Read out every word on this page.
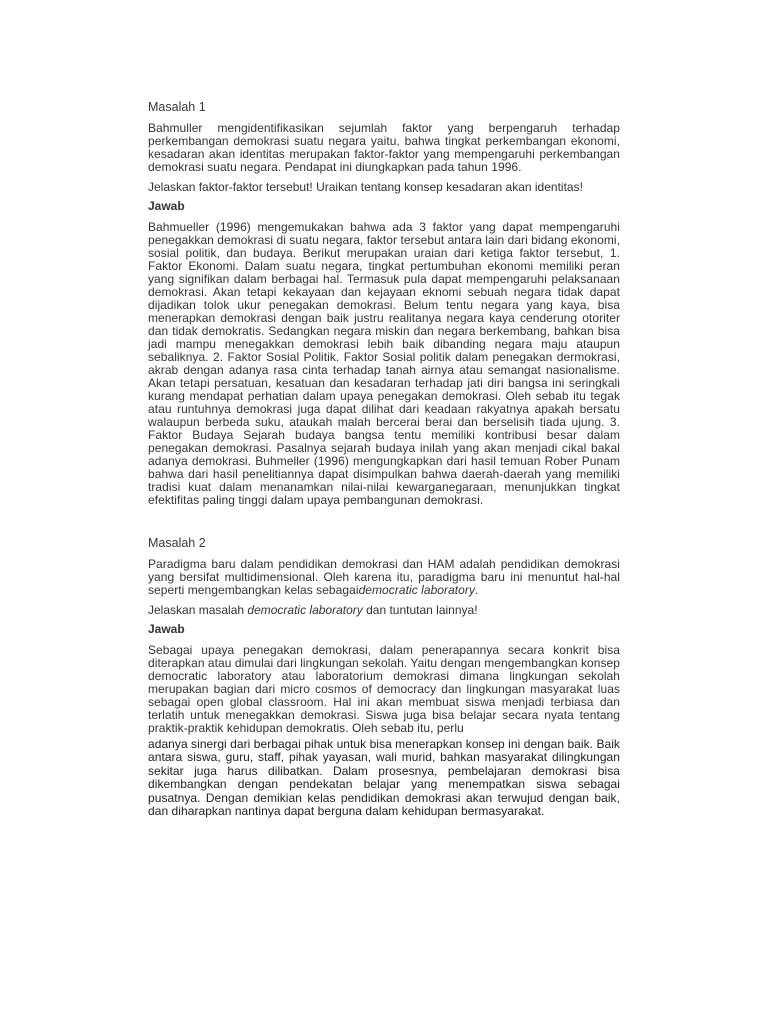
Masalah 1

Bahmuller mengidentifikasikan sejumlah faktor yang berpengaruh terhadap perkembangan demokrasi suatu negara yaitu, bahwa tingkat perkembangan ekonomi, kesadaran akan identitas merupakan faktor-faktor yang mempengaruhi perkembangan demokrasi suatu negara. Pendapat ini diungkapkan pada tahun 1996.

Jelaskan faktor-faktor tersebut! Uraikan tentang konsep kesadaran akan identitas!

Jawab

Bahmueller (1996) mengemukakan bahwa ada 3 faktor yang dapat mempengaruhi penegakkan demokrasi di suatu negara, faktor tersebut antara lain dari bidang ekonomi, sosial politik, dan budaya. Berikut merupakan uraian dari ketiga faktor tersebut, 1. Faktor Ekonomi. Dalam suatu negara, tingkat pertumbuhan ekonomi memiliki peran yang signifikan dalam berbagai hal. Termasuk pula dapat mempengaruhi pelaksanaan demokrasi. Akan tetapi kekayaan dan kejayaan eknomi sebuah negara tidak dapat dijadikan tolok ukur penegakan demokrasi. Belum tentu negara yang kaya, bisa menerapkan demokrasi dengan baik justru realitanya negara kaya cenderung otoriter dan tidak demokratis. Sedangkan negara miskin dan negara berkembang, bahkan bisa jadi mampu menegakkan demokrasi lebih baik dibanding negara maju ataupun sebaliknya. 2. Faktor Sosial Politik. Faktor Sosial politik dalam penegakan dermokrasi, akrab dengan adanya rasa cinta terhadap tanah airnya atau semangat nasionalisme. Akan tetapi persatuan, kesatuan dan kesadaran terhadap jati diri bangsa ini seringkali kurang mendapat perhatian dalam upaya penegakan demokrasi. Oleh sebab itu tegak atau runtuhnya demokrasi juga dapat dilihat dari keadaan rakyatnya apakah bersatu walaupun berbeda suku, ataukah malah bercerai berai dan berselisih tiada ujung. 3. Faktor Budaya Sejarah budaya bangsa tentu memiliki kontribusi besar dalam penegakan demokrasi. Pasalnya sejarah budaya inilah yang akan menjadi cikal bakal adanya demokrasi. Buhmeller (1996) mengungkapkan dari hasil temuan Rober Punam bahwa dari hasil penelitiannya dapat disimpulkan bahwa daerah-daerah yang memiliki tradisi kuat dalam menanamkan nilai-nilai kewarganegaraan, menunjukkan tingkat efektifitas paling tinggi dalam upaya pembangunan demokrasi.

Masalah 2

Paradigma baru dalam pendidikan demokrasi dan HAM adalah pendidikan demokrasi yang bersifat multidimensional. Oleh karena itu, paradigma baru ini menuntut hal-hal seperti mengembangkan kelas sebagaidemocratic laboratory.

Jelaskan masalah democratic laboratory dan tuntutan lainnya!

Jawab

Sebagai upaya penegakan demokrasi, dalam penerapannya secara konkrit bisa diterapkan atau dimulai dari lingkungan sekolah. Yaitu dengan mengembangkan konsep democratic laboratory atau laboratorium demokrasi dimana lingkungan sekolah merupakan bagian dari micro cosmos of democracy dan lingkungan masyarakat luas sebagai open global classroom. Hal ini akan membuat siswa menjadi terbiasa dan terlatih untuk menegakkan demokrasi. Siswa juga bisa belajar secara nyata tentang praktik-praktik kehidupan demokratis. Oleh sebab itu, perlu

adanya sinergi dari berbagai pihak untuk bisa menerapkan konsep ini dengan baik. Baik antara siswa, guru, staff, pihak yayasan, wali murid, bahkan masyarakat dilingkungan sekitar juga harus dilibatkan. Dalam prosesnya, pembelajaran demokrasi bisa dikembangkan dengan pendekatan belajar yang menempatkan siswa sebagai pusatnya. Dengan demikian kelas pendidikan demokrasi akan terwujud dengan baik, dan diharapkan nantinya dapat berguna dalam kehidupan bermasyarakat.
